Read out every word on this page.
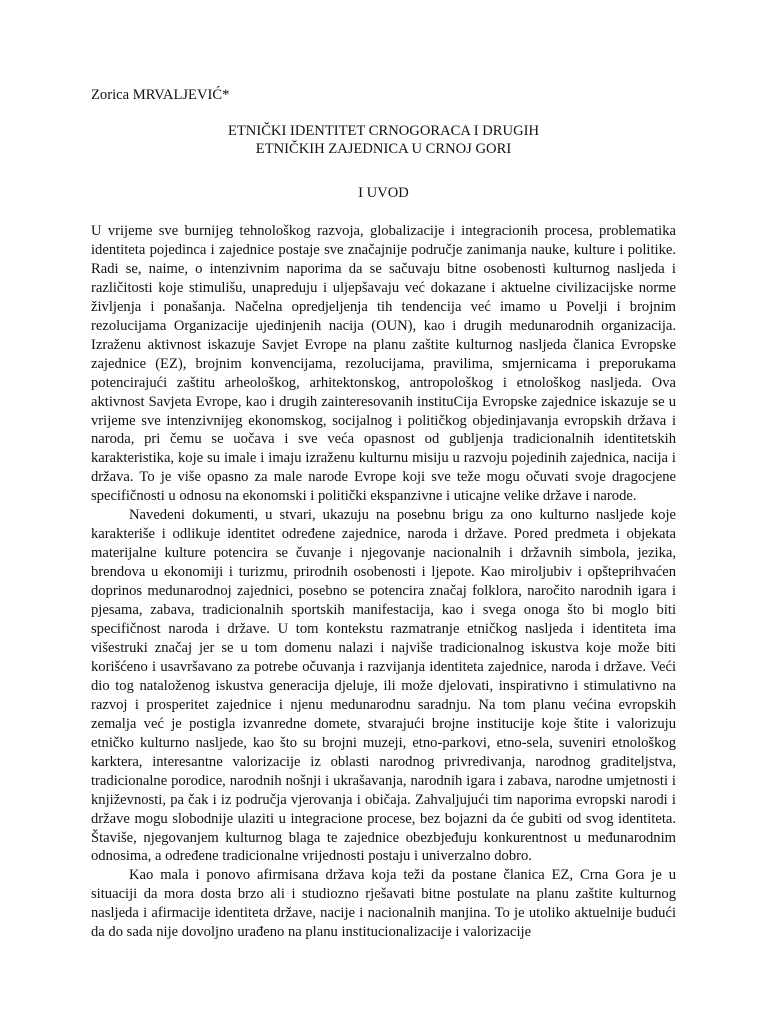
Zorica MRVALJEVIĆ*

ETNIČKI IDENTITET CRNOGORACA I DRUGIH
ETNIČKIH ZAJEDNICA U CRNOJ GORI
I UVOD

U vrijeme sve burnijeg tehnološkog razvoja, globalizacije i integracionih procesa, problematika identiteta pojedinca i zajednice postaje sve značajnije područje zanimanja nauke, kulture i politike. Radi se, naime, o intenzivnim naporima da se sačuvaju bitne osobenosti kulturnog nasljeda i različitosti koje stimulišu, unapreduju i uljepšavaju već dokazane i aktuelne civilizacijske norme življenja i ponašanja. Načelna opredjeljenja tih tendencija već imamo u Povelji i brojnim rezolucijama Organizacije ujedinjenih nacija (OUN), kao i drugih medunarodnih organizacija. Izraženu aktivnost iskazuje Savjet Evrope na planu zaštite kulturnog nasljeda članica Evropske zajednice (EZ), brojnim konvencijama, rezolucijama, pravilima, smjernicama i preporukama potencirajući zaštitu arheološkog, arhitektonskog, antropološkog i etnološkog nasljeda. Ova aktivnost Savjeta Evrope, kao i drugih zainteresovanih instituCija Evropske zajednice iskazuje se u vrijeme sve intenzivnijeg ekonomskog, socijalnog i političkog objedinjavanja evropskih država i naroda, pri čemu se uočava i sve veća opasnost od gubljenja tradicionalnih identitetskih karakteristika, koje su imale i imaju izraženu kulturnu misiju u razvoju pojedinih zajednica, nacija i država. To je više opasno za male narode Evrope koji sve teže mogu očuvati svoje dragocjene specifičnosti u odnosu na ekonomski i politički ekspanzivne i uticajne velike države i narode.

Navedeni dokumenti, u stvari, ukazuju na posebnu brigu za ono kulturno nasljede koje karakteriše i odlikuje identitet određene zajednice, naroda i države. Pored predmeta i objekata materijalne kulture potencira se čuvanje i njegovanje nacionalnih i državnih simbola, jezika, brendova u ekonomiji i turizmu, prirodnih osobenosti i ljepote. Kao miroljubiv i opšteprihvaćen doprinos medunarodnoj zajednici, posebno se potencira značaj folklora, naročito narodnih igara i pjesama, zabava, tradicionalnih sportskih manifestacija, kao i svega onoga što bi moglo biti specifičnost naroda i države. U tom kontekstu razmatranje etničkog nasljeda i identiteta ima višestruki značaj jer se u tom domenu nalazi i najviše tradicionalnog iskustva koje može biti korišćeno i usavršavano za potrebe očuvanja i razvijanja identiteta zajednice, naroda i države. Veći dio tog nataloženog iskustva generacija djeluje, ili može djelovati, inspirativno i stimulativno na razvoj i prosperitet zajednice i njenu medunarodnu saradnju. Na tom planu većina evropskih zemalja već je postigla izvanredne domete, stvarajući brojne institucije koje štite i valorizuju etničko kulturno nasljede, kao što su brojni muzeji, etno-parkovi, etno-sela, suveniri etnološkog karktera, interesantne valorizacije iz oblasti narodnog privredivanja, narodnog graditeljstva, tradicionalne porodice, narodnih nošnji i ukrašavanja, narodnih igara i zabava, narodne umjetnosti i književnosti, pa čak i iz područja vjerovanja i običaja. Zahvaljujući tim naporima evropski narodi i države mogu slobodnije ulaziti u integracione procese, bez bojazni da će gubiti od svog identiteta. Štaviše, njegovanjem kulturnog blaga te zajednice obezbjeđuju konkurentnost u međunarodnim odnosima, a određene tradicionalne vrijednosti postaju i univerzalno dobro.

Kao mala i ponovo afirmisana država koja teži da postane članica EZ, Crna Gora je u situaciji da mora dosta brzo ali i studiozno rješavati bitne postulate na planu zaštite kulturnog nasljeda i afirmacije identiteta države, nacije i nacionalnih manjina. To je utoliko aktuelnije budući da do sada nije dovoljno urađeno na planu institucionalizacije i valorizacije
